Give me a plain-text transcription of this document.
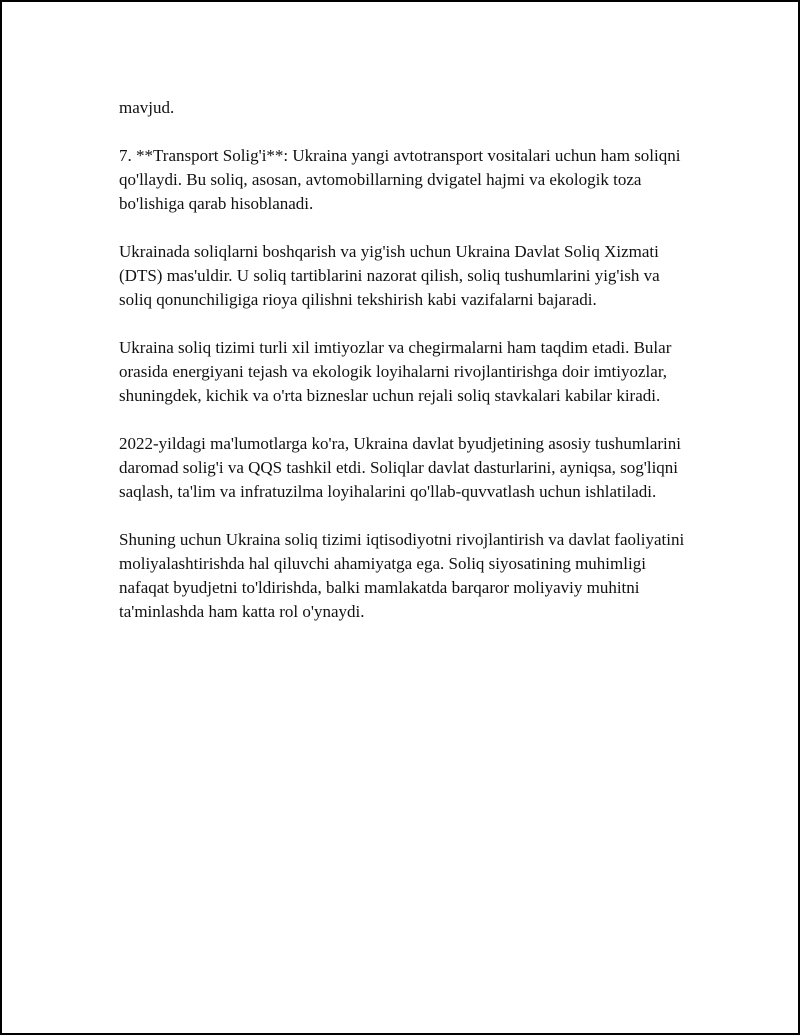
mavjud.

7. **Transport Solig'i**: Ukraina yangi avtotransport vositalari uchun ham soliqni qo'llaydi. Bu soliq, asosan, avtomobillarning dvigatel hajmi va ekologik toza bo'lishiga qarab hisoblanadi.

Ukrainada soliqlarni boshqarish va yig'ish uchun Ukraina Davlat Soliq Xizmati (DTS) mas'uldir. U soliq tartiblarini nazorat qilish, soliq tushumlarini yig'ish va soliq qonunchiligiga rioya qilishni tekshirish kabi vazifalarni bajaradi.

Ukraina soliq tizimi turli xil imtiyozlar va chegirmalarni ham taqdim etadi. Bular orasida energiyani tejash va ekologik loyihalarni rivojlantirishga doir imtiyozlar, shuningdek, kichik va o'rta bizneslar uchun rejali soliq stavkalari kabilar kiradi.

2022-yildagi ma'lumotlarga ko'ra, Ukraina davlat byudjetining asosiy tushumlarini daromad solig'i va QQS tashkil etdi. Soliqlar davlat dasturlarini, ayniqsa, sog'liqni saqlash, ta'lim va infratuzilma loyihalarini qo'llab-quvvatlash uchun ishlatiladi.

Shuning uchun Ukraina soliq tizimi iqtisodiyotni rivojlantirish va davlat faoliyatini moliyalashtirishda hal qiluvchi ahamiyatga ega. Soliq siyosatining muhimligi nafaqat byudjetni to'ldirishda, balki mamlakatda barqaror moliyaviy muhitni ta'minlashda ham katta rol o'ynaydi.
